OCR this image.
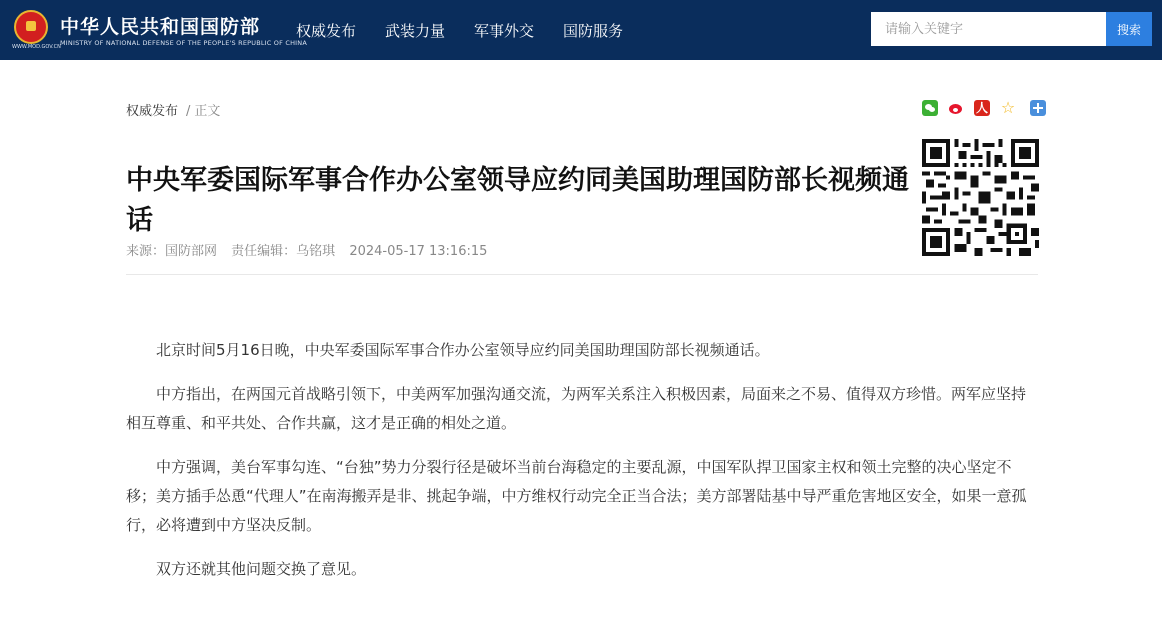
中华人民共和国国防部
MINISTRY OF NATIONAL DEFENSE OF THE PEOPLE'S REPUBLIC OF CHINA
WWW.MOD.GOV.CN
权威发布 武装力量 军事外交 国防服务
请输入关键字	搜索
权威发布 / 正文	人 ☆
中央军委国际军事合作办公室领导应约同美国助理国防部长视频通话
来源：国防部网 责任编辑：乌铭琪 2024-05-17 13:16:15

北京时间5月16日晚，中央军委国际军事合作办公室领导应约同美国助理国防部长视频通话。

中方指出，在两国元首战略引领下，中美两军加强沟通交流，为两军关系注入积极因素，局面来之不易、值得双方珍惜。两军应坚持相互尊重、和平共处、合作共赢，这才是正确的相处之道。

中方强调，美台军事勾连、“台独”势力分裂行径是破坏当前台海稳定的主要乱源，中国军队捍卫国家主权和领土完整的决心坚定不移；美方插手怂恿“代理人”在南海搬弄是非、挑起争端，中方维权行动完全正当合法；美方部署陆基中导严重危害地区安全，如果一意孤行，必将遭到中方坚决反制。

双方还就其他问题交换了意见。
